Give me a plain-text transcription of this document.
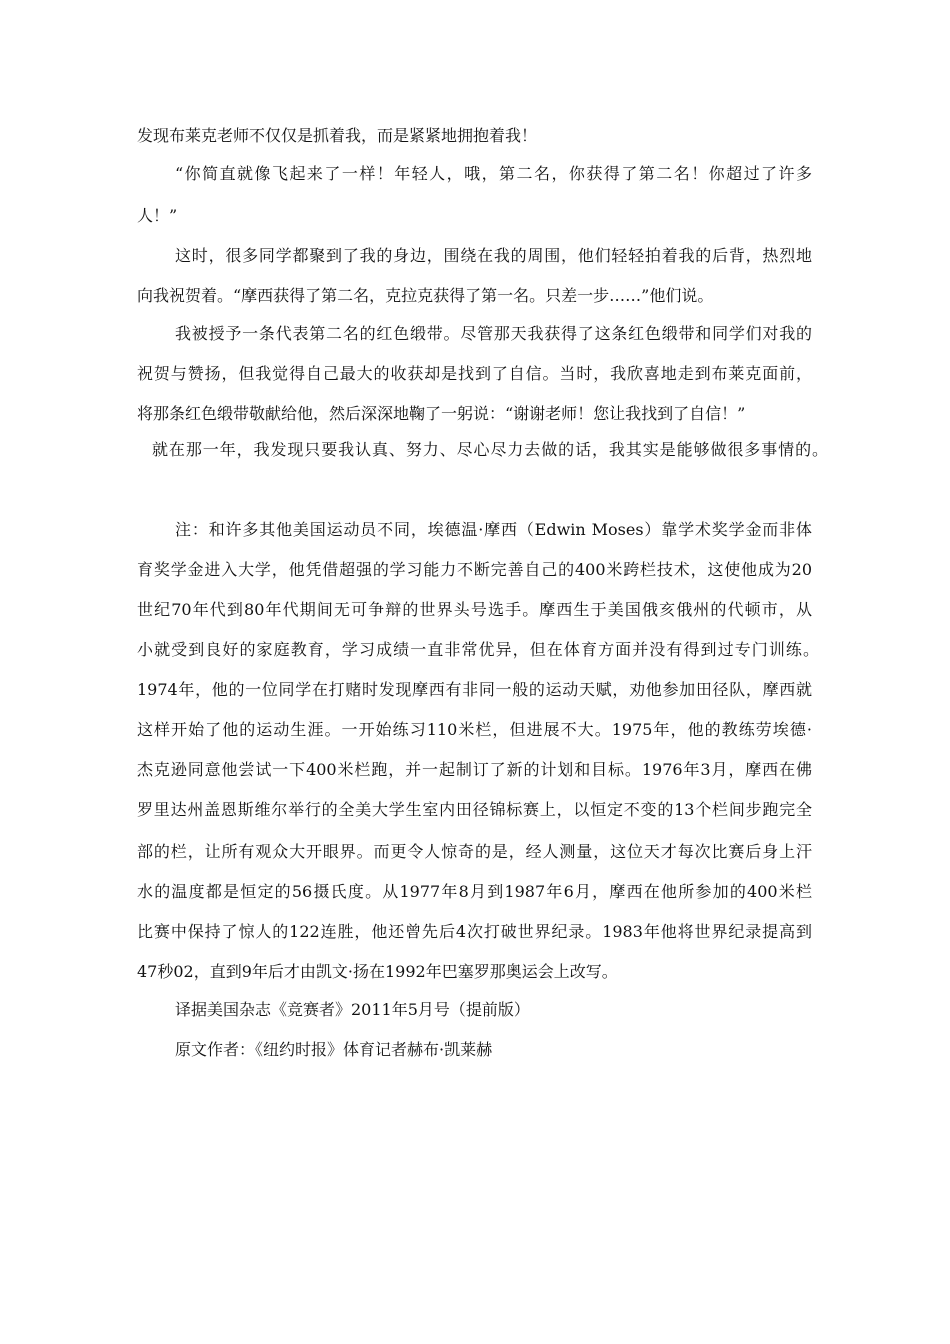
发现布莱克老师不仅仅是抓着我，而是紧紧地拥抱着我！
“你简直就像飞起来了一样！年轻人，哦，第二名，你获得了第二名！你超过了许多
人！”
这时，很多同学都聚到了我的身边，围绕在我的周围，他们轻轻拍着我的后背，热烈地
向我祝贺着。“摩西获得了第二名，克拉克获得了第一名。只差一步……”他们说。
我被授予一条代表第二名的红色缎带。尽管那天我获得了这条红色缎带和同学们对我的
祝贺与赞扬，但我觉得自己最大的收获却是找到了自信。当时，我欣喜地走到布莱克面前，
将那条红色缎带敬献给他，然后深深地鞠了一躬说：“谢谢老师！您让我找到了自信！”
就在那一年，我发现只要我认真、努力、尽心尽力去做的话，我其实是能够做很多事情的。
注：和许多其他美国运动员不同，埃德温·摩西（Edwin Moses）靠学术奖学金而非体
育奖学金进入大学，他凭借超强的学习能力不断完善自己的400米跨栏技术，这使他成为20
世纪70年代到80年代期间无可争辩的世界头号选手。摩西生于美国俄亥俄州的代顿市，从
小就受到良好的家庭教育，学习成绩一直非常优异，但在体育方面并没有得到过专门训练。
1974年，他的一位同学在打赌时发现摩西有非同一般的运动天赋，劝他参加田径队，摩西就
这样开始了他的运动生涯。一开始练习110米栏，但进展不大。1975年，他的教练劳埃德·
杰克逊同意他尝试一下400米栏跑，并一起制订了新的计划和目标。1976年3月，摩西在佛
罗里达州盖恩斯维尔举行的全美大学生室内田径锦标赛上，以恒定不变的13个栏间步跑完全
部的栏，让所有观众大开眼界。而更令人惊奇的是，经人测量，这位天才每次比赛后身上汗
水的温度都是恒定的56摄氏度。从1977年8月到1987年6月，摩西在他所参加的400米栏
比赛中保持了惊人的122连胜，他还曾先后4次打破世界纪录。1983年他将世界纪录提高到
47秒02，直到9年后才由凯文·扬在1992年巴塞罗那奥运会上改写。
译据美国杂志《竞赛者》2011年5月号（提前版）
原文作者：《纽约时报》体育记者赫布·凯莱赫
